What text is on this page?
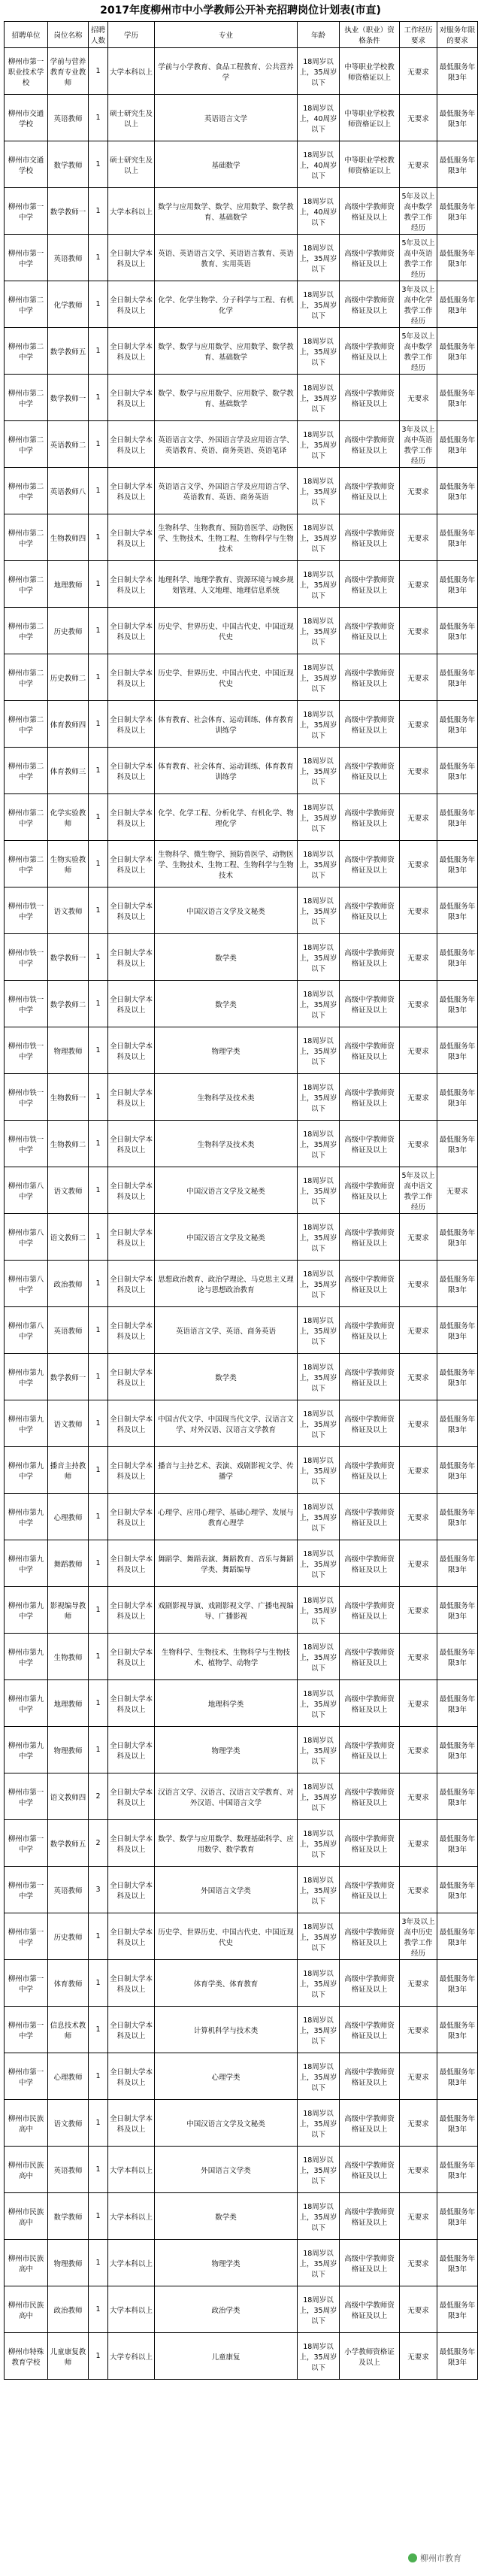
2017年度柳州市中小学教师公开补充招聘岗位计划表(市直)
招聘单位	岗位名称	招聘人数	学历	专业	年龄	执业（职业）资格条件	工作经历要求	对服务年限的要求
柳州市第一职业技术学校	学前与营养教育专业教师	1	大学本科以上	学前与小学教育、食品工程教育、公共营养学	18周岁以上，35周岁以下	中等职业学校教师资格证以上	无要求	最低服务年限3年
柳州市交通学校	英语教师	1	硕士研究生及以上	英语语言文学	18周岁以上，40周岁以下	中等职业学校教师资格证以上	无要求	最低服务年限3年
柳州市交通学校	数学教师	1	硕士研究生及以上	基础数学	18周岁以上，40周岁以下	中等职业学校教师资格证以上	无要求	最低服务年限3年
柳州市第一中学	数学教师一	1	大学本科以上	数学与应用数学、数学、应用数学、数学教育、基础数学	18周岁以上，40周岁以下	高级中学教师资格证及以上	5年及以上高中数学教学工作经历	最低服务年限3年
柳州市第一中学	英语教师	1	全日制大学本科及以上	英语、英语语言文学、英语语言教育、英语教育、实用英语	18周岁以上，35周岁以下	高级中学教师资格证及以上	5年及以上高中英语教学工作经历	最低服务年限3年
柳州市第二中学	化学教师	1	全日制大学本科及以上	化学、化学生物学、分子科学与工程、有机化学	18周岁以上，35周岁以下	高级中学教师资格证及以上	3年及以上高中化学教学工作经历	最低服务年限3年
柳州市第二中学	数学教师五	1	全日制大学本科及以上	数学、数学与应用数学、应用数学、数学教育、基础数学	18周岁以上，35周岁以下	高级中学教师资格证及以上	5年及以上高中数学教学工作经历	最低服务年限3年
柳州市第二中学	数学教师一	1	全日制大学本科及以上	数学、数学与应用数学、应用数学、数学教育、基础数学	18周岁以上，35周岁以下	高级中学教师资格证及以上	无要求	最低服务年限3年
柳州市第二中学	英语教师二	1	全日制大学本科及以上	英语语言文学、外国语言学及应用语言学、英语教育、英语、商务英语、英语笔译	18周岁以上，35周岁以下	高级中学教师资格证及以上	3年及以上高中英语教学工作经历	最低服务年限3年
柳州市第二中学	英语教师八	1	全日制大学本科及以上	英语语言文学、外国语言学及应用语言学、英语教育、英语、商务英语	18周岁以上，35周岁以下	高级中学教师资格证及以上	无要求	最低服务年限3年
柳州市第二中学	生物教师四	1	全日制大学本科及以上	生物科学、生物教育、预防兽医学、动物医学、生物技术、生物工程、生物科学与生物技术	18周岁以上，35周岁以下	高级中学教师资格证及以上	无要求	最低服务年限3年
柳州市第二中学	地理教师	1	全日制大学本科及以上	地理科学、地理学教育、资源环境与城乡规划管理、人文地理、地理信息系统	18周岁以上，35周岁以下	高级中学教师资格证及以上	无要求	最低服务年限3年
柳州市第二中学	历史教师	1	全日制大学本科及以上	历史学、世界历史、中国古代史、中国近现代史	18周岁以上，35周岁以下	高级中学教师资格证及以上	无要求	最低服务年限3年
柳州市第二中学	历史教师二	1	全日制大学本科及以上	历史学、世界历史、中国古代史、中国近现代史	18周岁以上，35周岁以下	高级中学教师资格证及以上	无要求	最低服务年限3年
柳州市第二中学	体育教师四	1	全日制大学本科及以上	体育教育、社会体育、运动训练、体育教育训练学	18周岁以上，35周岁以下	高级中学教师资格证及以上	无要求	最低服务年限3年
柳州市第二中学	体育教师三	1	全日制大学本科及以上	体育教育、社会体育、运动训练、体育教育训练学	18周岁以上，35周岁以下	高级中学教师资格证及以上	无要求	最低服务年限3年
柳州市第二中学	化学实验教师	1	全日制大学本科及以上	化学、化学工程、分析化学、有机化学、物理化学	18周岁以上，35周岁以下	高级中学教师资格证及以上	无要求	最低服务年限3年
柳州市第二中学	生物实验教师	1	全日制大学本科及以上	生物科学、微生物学、预防兽医学、动物医学、生物技术、生物工程、生物科学与生物技术	18周岁以上，35周岁以下	高级中学教师资格证及以上	无要求	最低服务年限3年
柳州市铁一中学	语文教师	1	全日制大学本科及以上	中国汉语言文学及文秘类	18周岁以上，35周岁以下	高级中学教师资格证及以上	无要求	最低服务年限3年
柳州市铁一中学	数学教师一	1	全日制大学本科及以上	数学类	18周岁以上，35周岁以下	高级中学教师资格证及以上	无要求	最低服务年限3年
柳州市铁一中学	数学教师二	1	全日制大学本科及以上	数学类	18周岁以上，35周岁以下	高级中学教师资格证及以上	无要求	最低服务年限3年
柳州市铁一中学	物理教师	1	全日制大学本科及以上	物理学类	18周岁以上，35周岁以下	高级中学教师资格证及以上	无要求	最低服务年限3年
柳州市铁一中学	生物教师一	1	全日制大学本科及以上	生物科学及技术类	18周岁以上，35周岁以下	高级中学教师资格证及以上	无要求	最低服务年限3年
柳州市铁一中学	生物教师二	1	全日制大学本科及以上	生物科学及技术类	18周岁以上，35周岁以下	高级中学教师资格证及以上	无要求	最低服务年限3年
柳州市第八中学	语文教师	1	全日制大学本科及以上	中国汉语言文学及文秘类	18周岁以上，35周岁以下	高级中学教师资格证及以上	5年及以上高中语文教学工作经历	无要求
柳州市第八中学	语文教师二	1	全日制大学本科及以上	中国汉语言文学及文秘类	18周岁以上，35周岁以下	高级中学教师资格证及以上	无要求	最低服务年限3年
柳州市第八中学	政治教师	1	全日制大学本科及以上	思想政治教育、政治学理论、马克思主义理论与思想政治教育	18周岁以上，35周岁以下	高级中学教师资格证及以上	无要求	最低服务年限3年
柳州市第八中学	英语教师	1	全日制大学本科及以上	英语语言文学、英语、商务英语	18周岁以上，35周岁以下	高级中学教师资格证及以上	无要求	最低服务年限3年
柳州市第九中学	数学教师一	1	全日制大学本科及以上	数学类	18周岁以上，35周岁以下	高级中学教师资格证及以上	无要求	最低服务年限3年
柳州市第九中学	语文教师	1	全日制大学本科及以上	中国古代文学、中国现当代文学、汉语言文学、对外汉语、汉语言文学教育	18周岁以上，35周岁以下	高级中学教师资格证及以上	无要求	最低服务年限3年
柳州市第九中学	播音主持教师	1	全日制大学本科及以上	播音与主持艺术、表演、戏剧影视文学、传播学	18周岁以上，35周岁以下	高级中学教师资格证及以上	无要求	最低服务年限3年
柳州市第九中学	心理教师	1	全日制大学本科及以上	心理学、应用心理学、基础心理学、发展与教育心理学	18周岁以上，35周岁以下	高级中学教师资格证及以上	无要求	最低服务年限3年
柳州市第九中学	舞蹈教师	1	全日制大学本科及以上	舞蹈学、舞蹈表演、舞蹈教育、音乐与舞蹈学类、舞蹈编导	18周岁以上，35周岁以下	高级中学教师资格证及以上	无要求	最低服务年限3年
柳州市第九中学	影视编导教师	1	全日制大学本科及以上	戏剧影视导演、戏剧影视文学、广播电视编导、广播影视	18周岁以上，35周岁以下	高级中学教师资格证及以上	无要求	最低服务年限3年
柳州市第九中学	生物教师	1	全日制大学本科及以上	生物科学、生物技术、生物科学与生物技术、植物学、动物学	18周岁以上，35周岁以下	高级中学教师资格证及以上	无要求	最低服务年限3年
柳州市第九中学	地理教师	1	全日制大学本科及以上	地理科学类	18周岁以上，35周岁以下	高级中学教师资格证及以上	无要求	最低服务年限3年
柳州市第九中学	物理教师	1	全日制大学本科及以上	物理学类	18周岁以上，35周岁以下	高级中学教师资格证及以上	无要求	最低服务年限3年
柳州市第一中学	语文教师四	2	全日制大学本科及以上	汉语言文学、汉语言、汉语言文学教育、对外汉语、中国语言文学	18周岁以上，35周岁以下	高级中学教师资格证及以上	无要求	最低服务年限3年
柳州市第一中学	数学教师五	2	全日制大学本科及以上	数学、数学与应用数学、数理基础科学、应用数学、数学教育	18周岁以上，35周岁以下	高级中学教师资格证及以上	无要求	最低服务年限3年
柳州市第一中学	英语教师	3	全日制大学本科及以上	外国语言文学类	18周岁以上，35周岁以下	高级中学教师资格证及以上	无要求	最低服务年限3年
柳州市第一中学	历史教师	1	全日制大学本科及以上	历史学、世界历史、中国古代史、中国近现代史	18周岁以上，35周岁以下	高级中学教师资格证及以上	3年及以上高中历史教学工作经历	最低服务年限3年
柳州市第一中学	体育教师	1	全日制大学本科及以上	体育学类、体育教育	18周岁以上，35周岁以下	高级中学教师资格证及以上	无要求	最低服务年限3年
柳州市第一中学	信息技术教师	1	全日制大学本科及以上	计算机科学与技术类	18周岁以上，35周岁以下	高级中学教师资格证及以上	无要求	最低服务年限3年
柳州市第一中学	心理教师	1	全日制大学本科及以上	心理学类	18周岁以上，35周岁以下	高级中学教师资格证及以上	无要求	最低服务年限3年
柳州市民族高中	语文教师	1	全日制大学本科及以上	中国汉语言文学及文秘类	18周岁以上，35周岁以下	高级中学教师资格证及以上	无要求	最低服务年限3年
柳州市民族高中	英语教师	1	大学本科以上	外国语言文学类	18周岁以上，35周岁以下	高级中学教师资格证及以上	无要求	最低服务年限3年
柳州市民族高中	数学教师	1	大学本科以上	数学类	18周岁以上，35周岁以下	高级中学教师资格证及以上	无要求	最低服务年限3年
柳州市民族高中	物理教师	1	大学本科以上	物理学类	18周岁以上，35周岁以下	高级中学教师资格证及以上	无要求	最低服务年限3年
柳州市民族高中	政治教师	1	大学本科以上	政治学类	18周岁以上，35周岁以下	高级中学教师资格证及以上	无要求	最低服务年限3年
柳州市特殊教育学校	儿童康复教师	1	大学专科以上	儿童康复	18周岁以上，35周岁以下	小学教师资格证及以上	无要求	最低服务年限3年
柳州市教育
